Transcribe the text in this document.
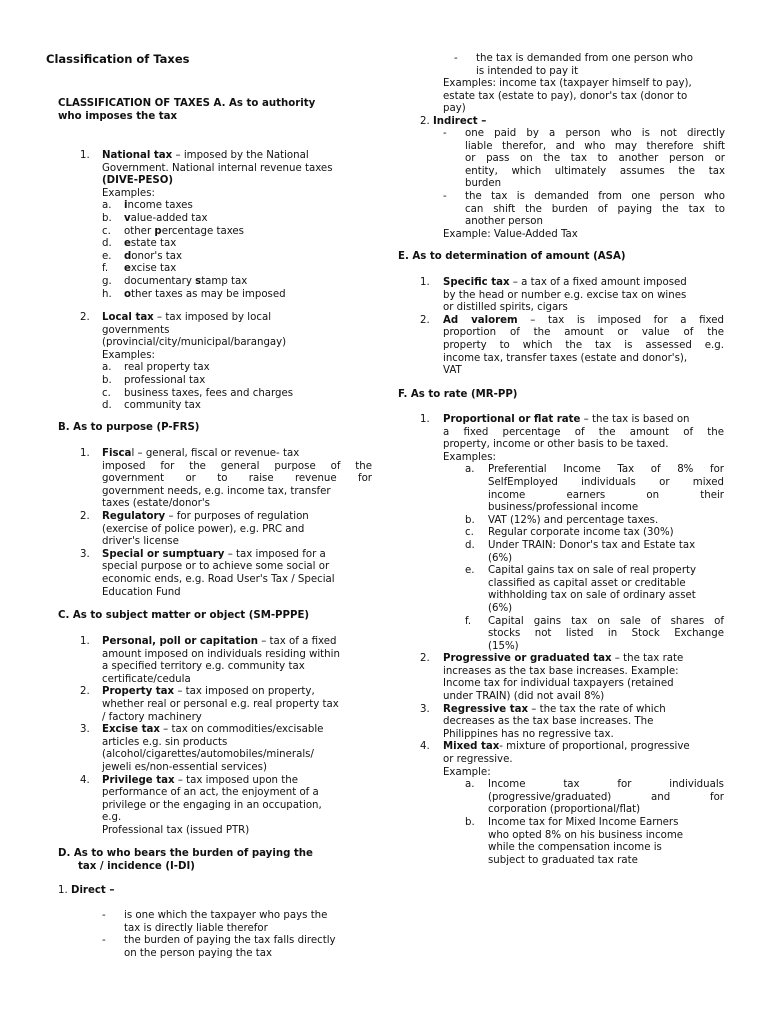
Classification of Taxes
CLASSIFICATION OF TAXES A. As to authority
who imposes the tax
1.	National tax – imposed by the National
Government. National internal revenue taxes
(DIVE-PESO)
Examples:
a.	income taxes
b.	value-added tax
c.	other percentage taxes
d.	estate tax
e.	donor's tax
f.	excise tax
g.	documentary stamp tax
h.	other taxes as may be imposed
2.	Local tax – tax imposed by local
governments
(provincial/city/municipal/barangay)
Examples:
a.	real property tax
b.	professional tax
c.	business taxes, fees and charges
d.	community tax
B. As to purpose (P-FRS)
1.	Fiscal – general, fiscal or revenue- tax
imposed for the general purpose of the
government or to raise revenue for
government needs, e.g. income tax, transfer
taxes (estate/donor's
2.	Regulatory – for purposes of regulation
(exercise of police power), e.g. PRC and
driver's license
3.	Special or sumptuary – tax imposed for a
special purpose or to achieve some social or
economic ends, e.g. Road User's Tax / Special
Education Fund
C. As to subject matter or object (SM-PPPE)
1.	Personal, poll or capitation – tax of a fixed
amount imposed on individuals residing within
a specified territory e.g. community tax
certificate/cedula
2.	Property tax – tax imposed on property,
whether real or personal e.g. real property tax
/ factory machinery
3.	Excise tax – tax on commodities/excisable
articles e.g. sin products
(alcohol/cigarettes/automobiles/minerals/
jeweli es/non-essential services)
4.	Privilege tax – tax imposed upon the
performance of an act, the enjoyment of a
privilege or the engaging in an occupation,
e.g.
Professional tax (issued PTR)
D. As to who bears the burden of paying the
tax / incidence (I-DI)
1. Direct –
-	is one which the taxpayer who pays the
tax is directly liable therefor
-	the burden of paying the tax falls directly
on the person paying the tax
-	the tax is demanded from one person who
is intended to pay it
Examples: income tax (taxpayer himself to pay),
estate tax (estate to pay), donor's tax (donor to
pay)
2. Indirect –
-	one paid by a person who is not directly
liable therefor, and who may therefore shift
or pass on the tax to another person or
entity, which ultimately assumes the tax
burden
-	the tax is demanded from one person who
can shift the burden of paying the tax to
another person
Example: Value-Added Tax
E. As to determination of amount (ASA)
1.	Specific tax – a tax of a fixed amount imposed
by the head or number e.g. excise tax on wines
or distilled spirits, cigars
2.	Ad valorem – tax is imposed for a fixed
proportion of the amount or value of the
property to which the tax is assessed e.g.
income tax, transfer taxes (estate and donor's),
VAT
F. As to rate (MR-PP)
1.	Proportional or flat rate – the tax is based on
a fixed percentage of the amount of the
property, income or other basis to be taxed.
Examples:
a.	Preferential Income Tax of 8% for
SelfEmployed individuals or mixed
income earners on their
business/professional income
b.	VAT (12%) and percentage taxes.
c.	Regular corporate income tax (30%)
d.	Under TRAIN: Donor's tax and Estate tax
(6%)
e.	Capital gains tax on sale of real property
classified as capital asset or creditable
withholding tax on sale of ordinary asset
(6%)
f.	Capital gains tax on sale of shares of
stocks not listed in Stock Exchange
(15%)
2.	Progressive or graduated tax – the tax rate
increases as the tax base increases. Example:
Income tax for individual taxpayers (retained
under TRAIN) (did not avail 8%)
3.	Regressive tax – the tax the rate of which
decreases as the tax base increases. The
Philippines has no regressive tax.
4.	Mixed tax- mixture of proportional, progressive
or regressive.
Example:
a.	Income tax for individuals
(progressive/graduated) and for
corporation (proportional/flat)
b.	Income tax for Mixed Income Earners
who opted 8% on his business income
while the compensation income is
subject to graduated tax rate
